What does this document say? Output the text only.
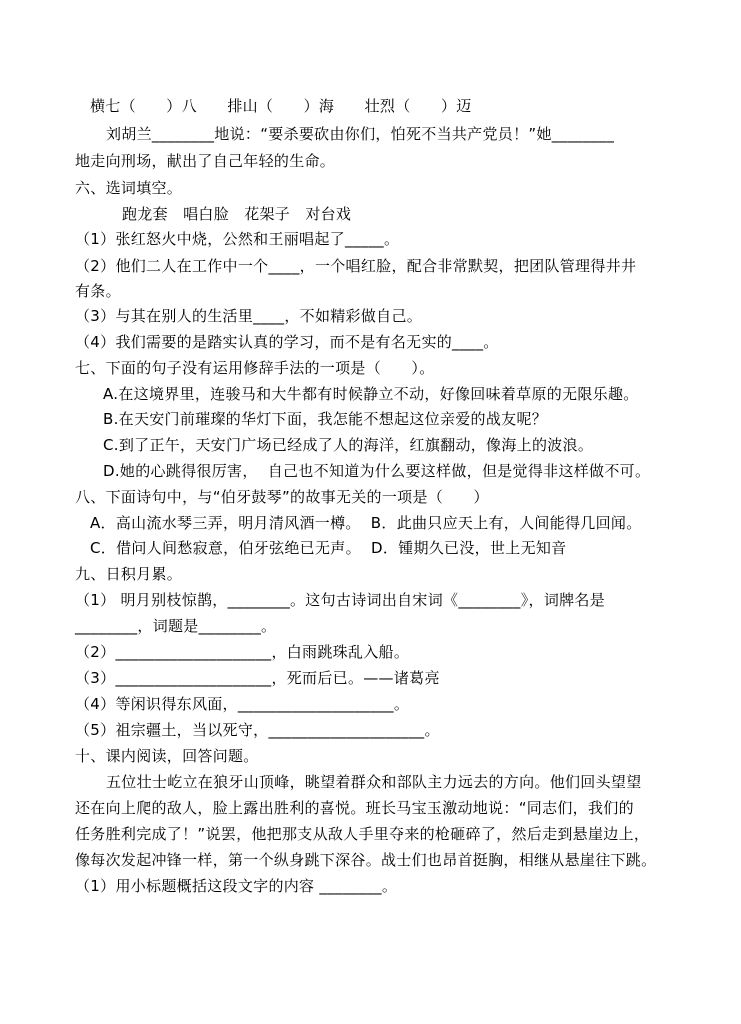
横七（      ）八      排山（      ）海      壮烈（      ）迈
刘胡兰________地说：“要杀要砍由你们，怕死不当共产党员！”她________
地走向刑场，献出了自己年轻的生命。
六、选词填空。
跑龙套   唱白脸   花架子   对台戏
（1）张红怒火中烧，公然和王丽唱起了_____。
（2）他们二人在工作中一个____，一个唱红脸，配合非常默契，把团队管理得井井
有条。
（3）与其在别人的生活里____，不如精彩做自己。
（4）我们需要的是踏实认真的学习，而不是有名无实的____。
七、下面的句子没有运用修辞手法的一项是（      ）。
A.在这境界里，连骏马和大牛都有时候静立不动，好像回味着草原的无限乐趣。
B.在天安门前璀璨的华灯下面，我怎能不想起这位亲爱的战友呢？
C.到了正午，天安门广场已经成了人的海洋，红旗翻动，像海上的波浪。
D.她的心跳得很厉害，  自己也不知道为什么要这样做，但是觉得非这样做不可。
八、下面诗句中，与“伯牙鼓琴”的故事无关的一项是（      ）
A．高山流水琴三弄，明月清风酒一樽。  B．此曲只应天上有，人间能得几回闻。
C．借问人间愁寂意，伯牙弦绝已无声。  D．锺期久已没，世上无知音
九、日积月累。
（1） 明月别枝惊鹊，________。这句古诗词出自宋词《________》，词牌名是
________，词题是________。
（2）____________________，白雨跳珠乱入船。
（3）____________________，死而后已。——诸葛亮
（4）等闲识得东风面，____________________。
（5）祖宗疆土，当以死守，____________________。
十、课内阅读，回答问题。
五位壮士屹立在狼牙山顶峰，眺望着群众和部队主力远去的方向。他们回头望望
还在向上爬的敌人，脸上露出胜利的喜悦。班长马宝玉激动地说：“同志们，我们的
任务胜利完成了！”说罢，他把那支从敌人手里夺来的枪砸碎了，然后走到悬崖边上，
像每次发起冲锋一样，第一个纵身跳下深谷。战士们也昂首挺胸，相继从悬崖往下跳。
（1）用小标题概括这段文字的内容 ________。
